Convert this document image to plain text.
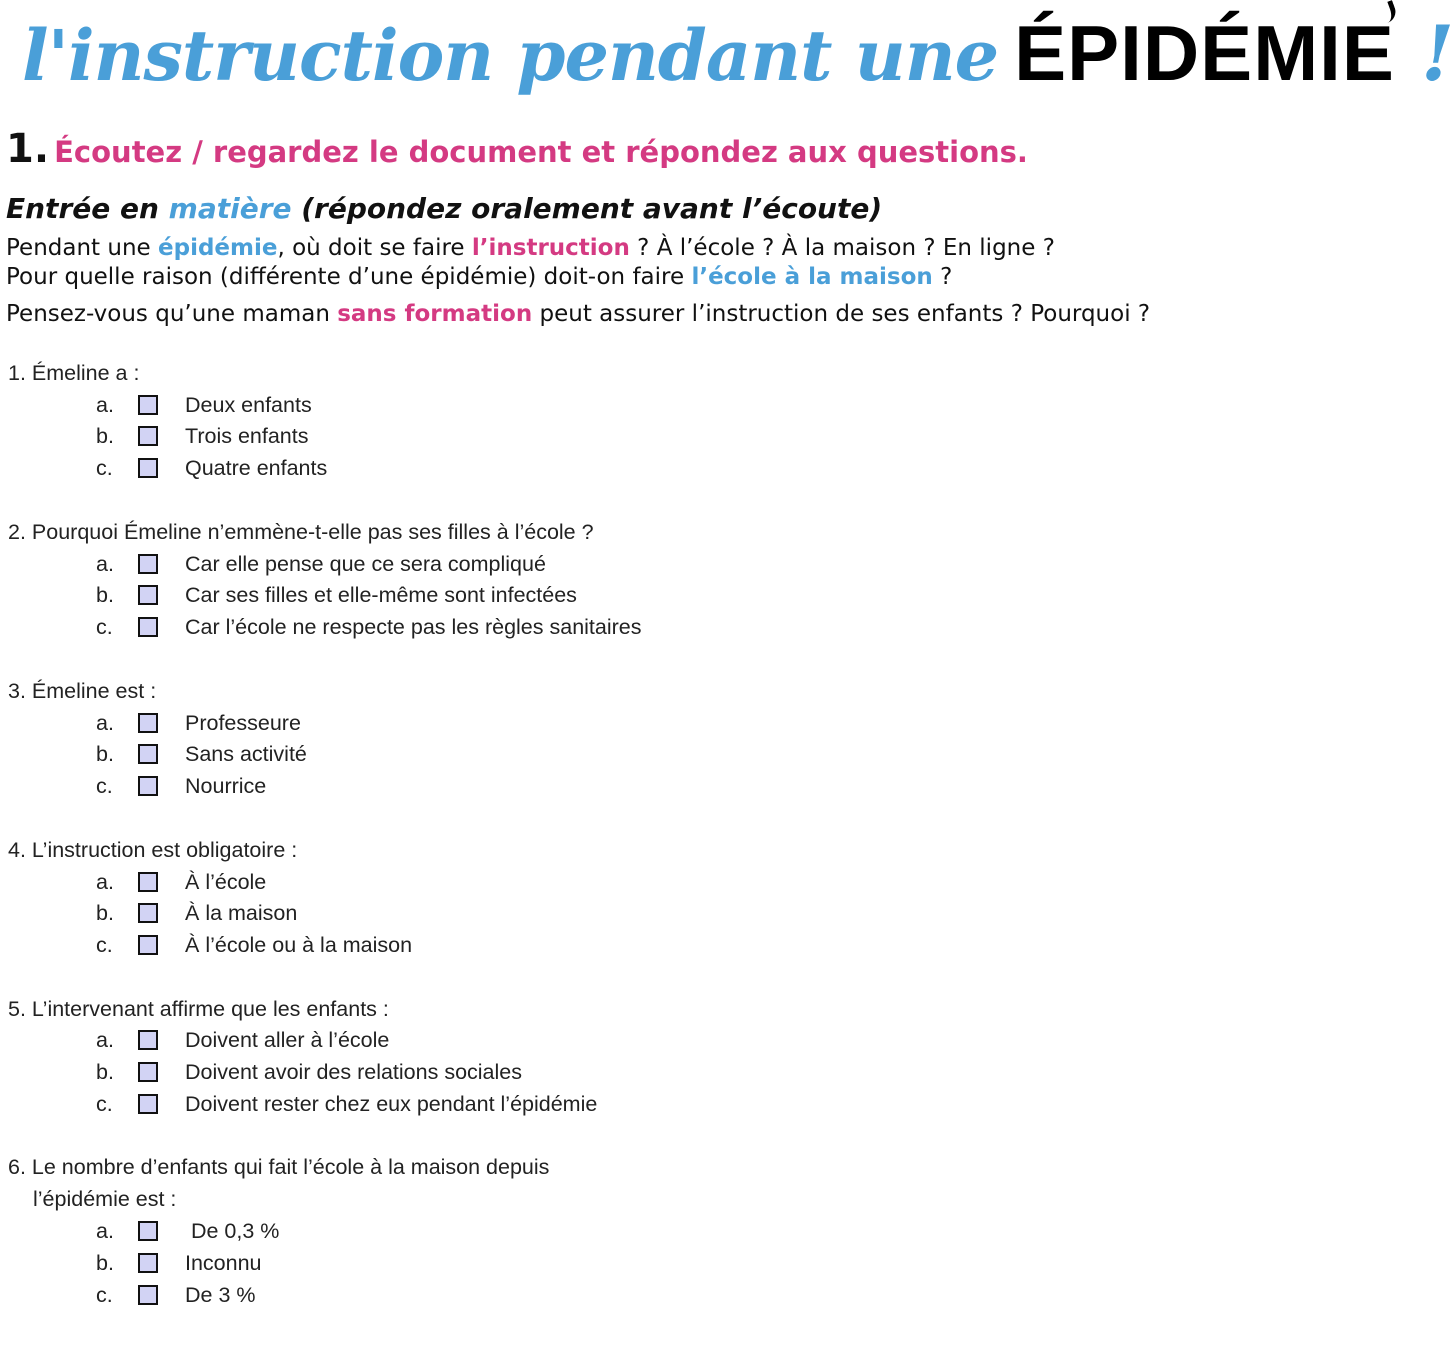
l'instruction pendant une ÉPIDÉMIE !
1. Écoutez / regardez le document et répondez aux questions.
Entrée en matière (répondez oralement avant l’écoute)
Pendant une épidémie, où doit se faire l’instruction ? À l’école ? À la maison ? En ligne ?
Pour quelle raison (différente d’une épidémie) doit-on faire l’école à la maison ?
Pensez-vous qu’une maman sans formation peut assurer l’instruction de ses enfants ? Pourquoi ?
1. Émeline a :
a.	Deux enfants
b.	Trois enfants
c.	Quatre enfants
2. Pourquoi Émeline n’emmène-t-elle pas ses filles à l’école ?
a.	Car elle pense que ce sera compliqué
b.	Car ses filles et elle-même sont infectées
c.	Car l’école ne respecte pas les règles sanitaires
3. Émeline est :
a.	Professeure
b.	Sans activité
c.	Nourrice
4. L’instruction est obligatoire :
a.	À l’école
b.	À la maison
c.	À l’école ou à la maison
5. L’intervenant affirme que les enfants :
a.	Doivent aller à l’école
b.	Doivent avoir des relations sociales
c.	Doivent rester chez eux pendant l’épidémie
6. Le nombre d’enfants qui fait l’école à la maison depuis
l’épidémie est :
a.	De 0,3 %
b.	Inconnu
c.	De 3 %
